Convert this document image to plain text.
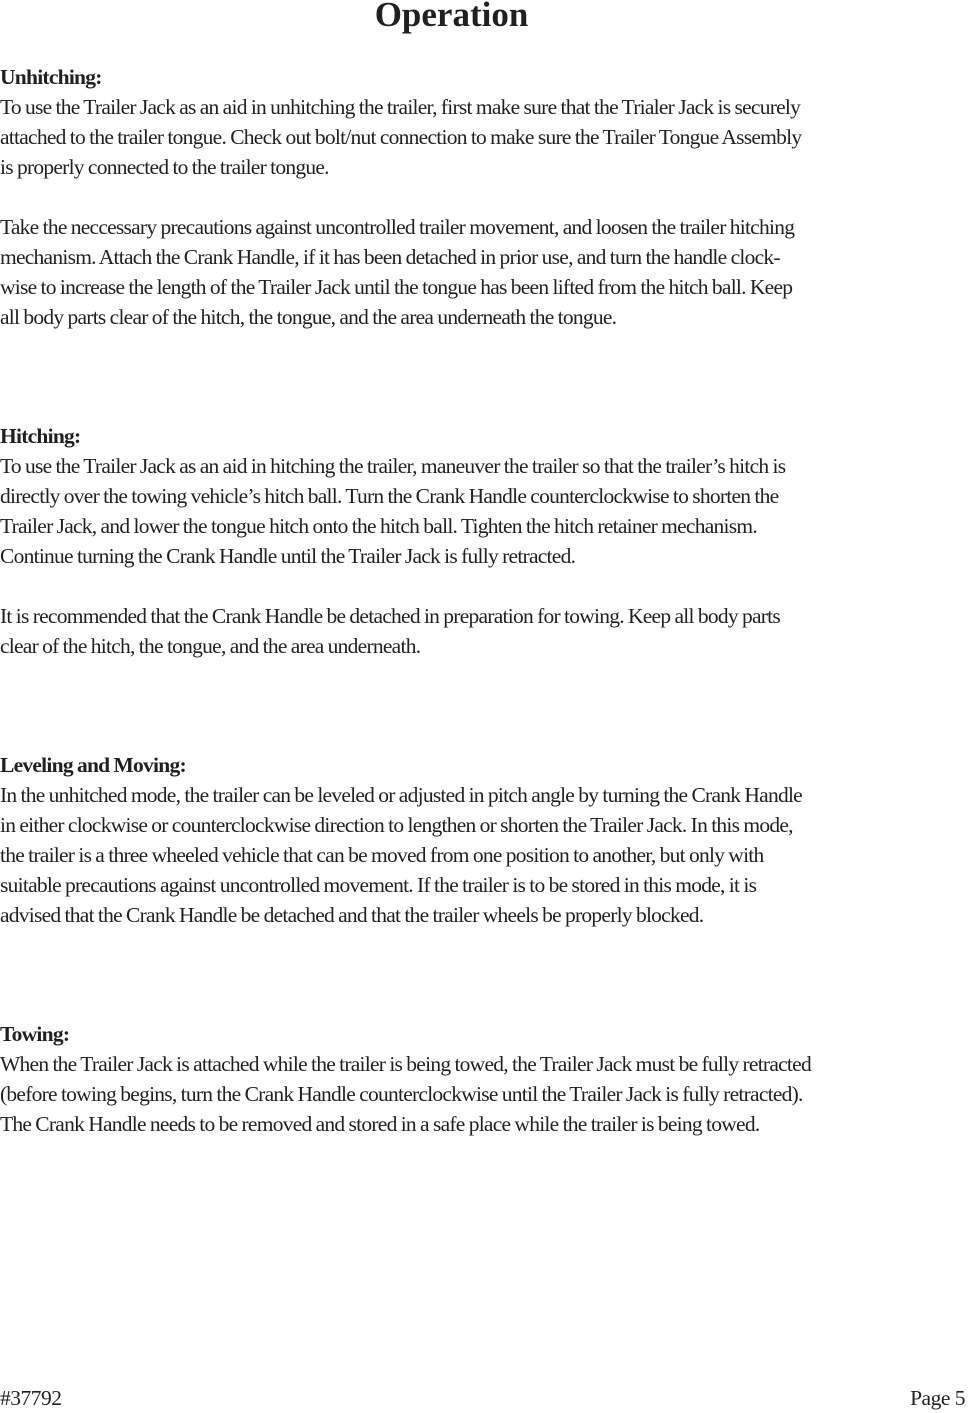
Operation
Unhitching:

To use the Trailer Jack as an aid in unhitching the trailer, first make sure that the Trialer Jack is securely
attached to the trailer tongue. Check out bolt/nut connection to make sure the Trailer Tongue Assembly
is properly connected to the trailer tongue.

Take the neccessary precautions against uncontrolled trailer movement, and loosen the trailer hitching
mechanism. Attach the Crank Handle, if it has been detached in prior use, and turn the handle clock-
wise to increase the length of the Trailer Jack until the tongue has been lifted from the hitch ball. Keep
all body parts clear of the hitch, the tongue, and the area underneath the tongue.

Hitching:

To use the Trailer Jack as an aid in hitching the trailer, maneuver the trailer so that the trailer’s hitch is
directly over the towing vehicle’s hitch ball. Turn the Crank Handle counterclockwise to shorten the
Trailer Jack, and lower the tongue hitch onto the hitch ball. Tighten the hitch retainer mechanism.
Continue turning the Crank Handle until the Trailer Jack is fully retracted.

It is recommended that the Crank Handle be detached in preparation for towing. Keep all body parts
clear of the hitch, the tongue, and the area underneath.

Leveling and Moving:

In the unhitched mode, the trailer can be leveled or adjusted in pitch angle by turning the Crank Handle
in either clockwise or counterclockwise direction to lengthen or shorten the Trailer Jack. In this mode,
the trailer is a three wheeled vehicle that can be moved from one position to another, but only with
suitable precautions against uncontrolled movement. If the trailer is to be stored in this mode, it is
advised that the Crank Handle be detached and that the trailer wheels be properly blocked.

Towing:

When the Trailer Jack is attached while the trailer is being towed, the Trailer Jack must be fully retracted
(before towing begins, turn the Crank Handle counterclockwise until the Trailer Jack is fully retracted).
The Crank Handle needs to be removed and stored in a safe place while the trailer is being towed.

#37792	Page 5
